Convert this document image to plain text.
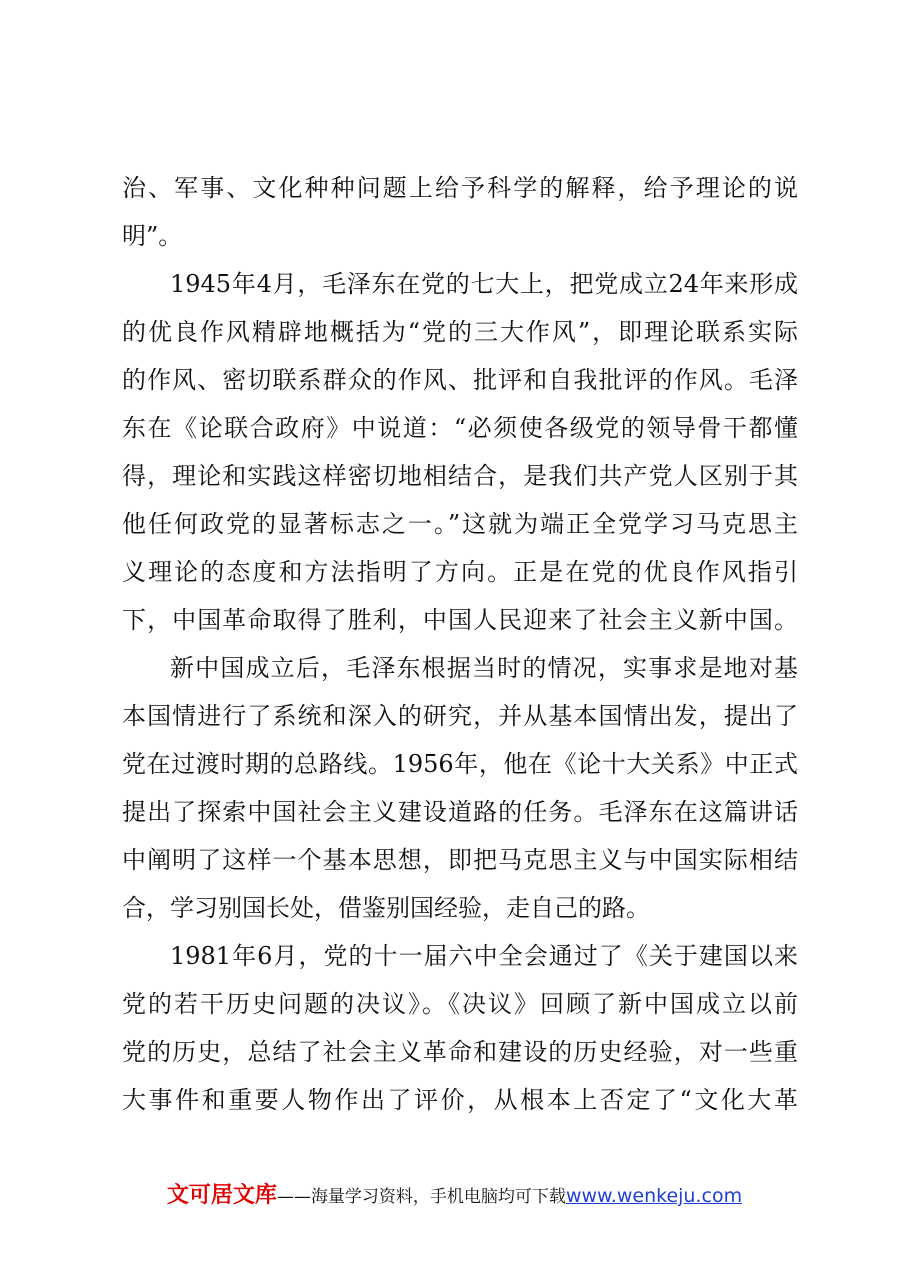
治、军事、文化种种问题上给予科学的解释，给予理论的说
明”。
1945年4月，毛泽东在党的七大上，把党成立24年来形成
的优良作风精辟地概括为“党的三大作风”，即理论联系实际
的作风、密切联系群众的作风、批评和自我批评的作风。毛泽
东在《论联合政府》中说道：“必须使各级党的领导骨干都懂
得，理论和实践这样密切地相结合，是我们共产党人区别于其
他任何政党的显著标志之一。”这就为端正全党学习马克思主
义理论的态度和方法指明了方向。正是在党的优良作风指引
下，中国革命取得了胜利，中国人民迎来了社会主义新中国。
新中国成立后，毛泽东根据当时的情况，实事求是地对基
本国情进行了系统和深入的研究，并从基本国情出发，提出了
党在过渡时期的总路线。1956年，他在《论十大关系》中正式
提出了探索中国社会主义建设道路的任务。毛泽东在这篇讲话
中阐明了这样一个基本思想，即把马克思主义与中国实际相结
合，学习别国长处，借鉴别国经验，走自己的路。
1981年6月，党的十一届六中全会通过了《关于建国以来
党的若干历史问题的决议》。《决议》回顾了新中国成立以前
党的历史，总结了社会主义革命和建设的历史经验，对一些重
大事件和重要人物作出了评价，从根本上否定了“文化大革
文可居文库——海量学习资料，手机电脑均可下载www.wenkeju.com
